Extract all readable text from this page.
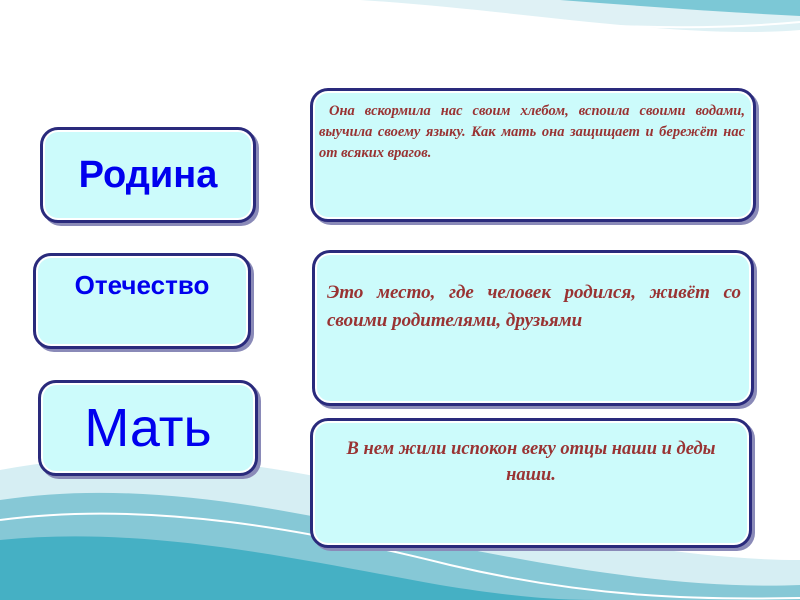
Родина
Отечество
Мать
Она вскормила нас своим хлебом, вспоила своими водами, выучила своему языку. Как мать она защищает и бережёт нас от всяких врагов.
Это место, где человек родился, живёт со своими родителями, друзьями
В нем жили испокон веку отцы наши и деды наши.
